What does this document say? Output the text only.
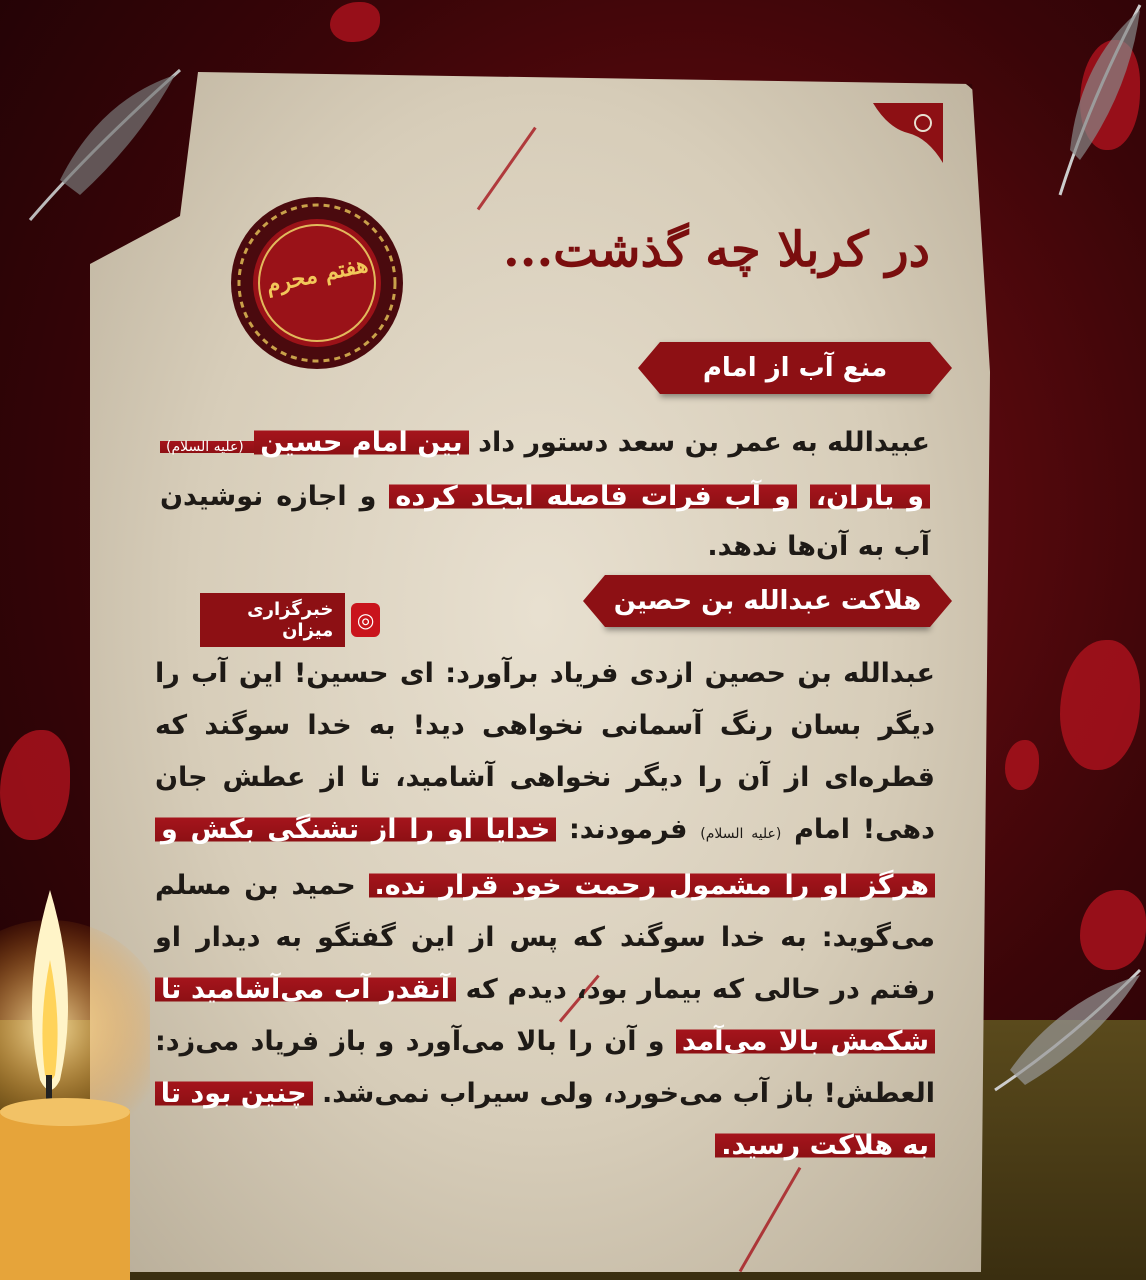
هفتم محرم	در کربلا چه گذشت...
منع آب از امام
عبیدالله به عمر بن سعد دستور داد بین امام حسین (علیه السلام) و یاران، و آب فرات فاصله ایجاد کرده و اجازه نوشیدن آب به آن‌ها ندهد.
◎
خبرگزاری میزان
هلاکت عبدالله بن حصین
عبدالله بن حصین ازدی فریاد برآورد: ای حسین! این آب را دیگر بسان رنگ آسمانی نخواهی دید! به خدا سوگند که قطره‌ای از آن را دیگر نخواهی آشامید، تا از عطش جان دهی! امام (علیه السلام) فرمودند: خدایا او را از تشنگی بکش و هرگز او را مشمول رحمت خود قرار نده. حمید بن مسلم می‌گوید: به خدا سوگند که پس از این گفتگو به دیدار او رفتم در حالی که بیمار بود، دیدم که آنقدر آب می‌آشامید تا شکمش بالا می‌آمد و آن را بالا می‌آورد و باز فریاد می‌زد: العطش! باز آب می‌خورد، ولی سیراب نمی‌شد. چنین بود تا به هلاکت رسید.
